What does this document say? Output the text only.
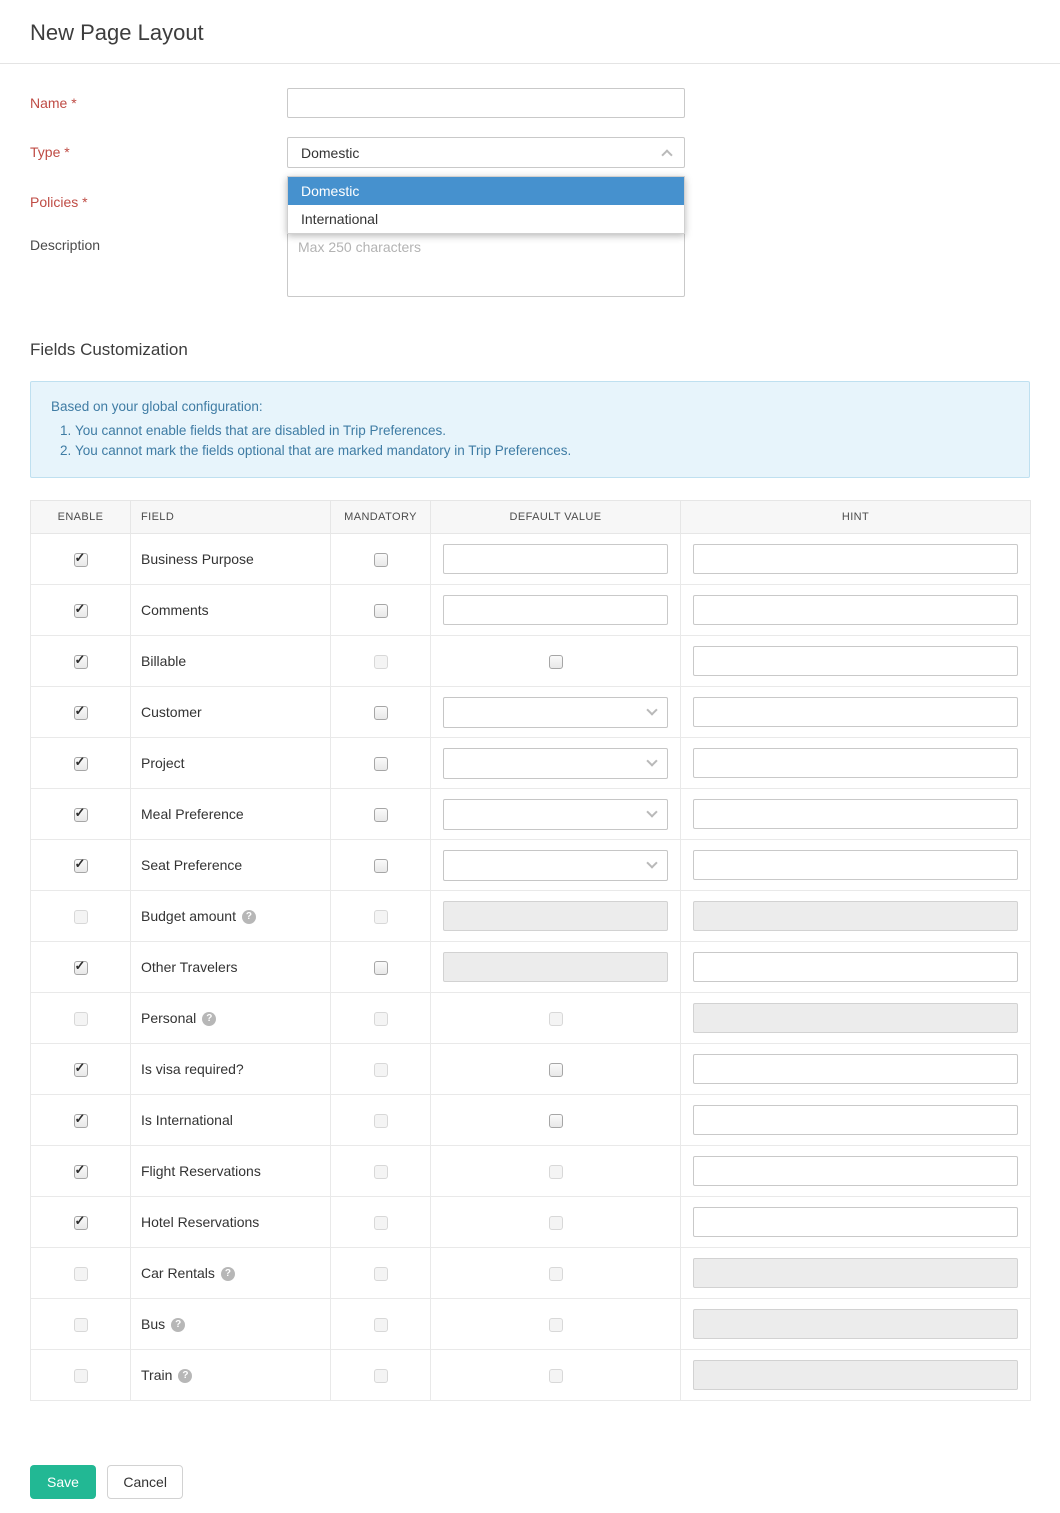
New Page Layout
Name *
Type *	Domestic
Domestic
International
Policies *
Description
Max 250 characters
Fields Customization

Based on your global configuration:

1. You cannot enable fields that are disabled in Trip Preferences.
2. You cannot mark the fields optional that are marked mandatory in Trip Preferences.
ENABLE	FIELD	MANDATORY	DEFAULT VALUE	HINT

✓	Business Purpose			

✓	Comments			

✓	Billable			

✓	Customer		

✓	Project		

✓	Meal Preference		

✓	Seat Preference		

	Budget amount ?			

✓	Other Travelers			
	Personal ?			

✓	Is visa required?			

✓	Is International			

✓	Flight Reservations			

✓	Hotel Reservations			
	Car Rentals ?			
	Bus ?			
	Train ?			
Save	Cancel
